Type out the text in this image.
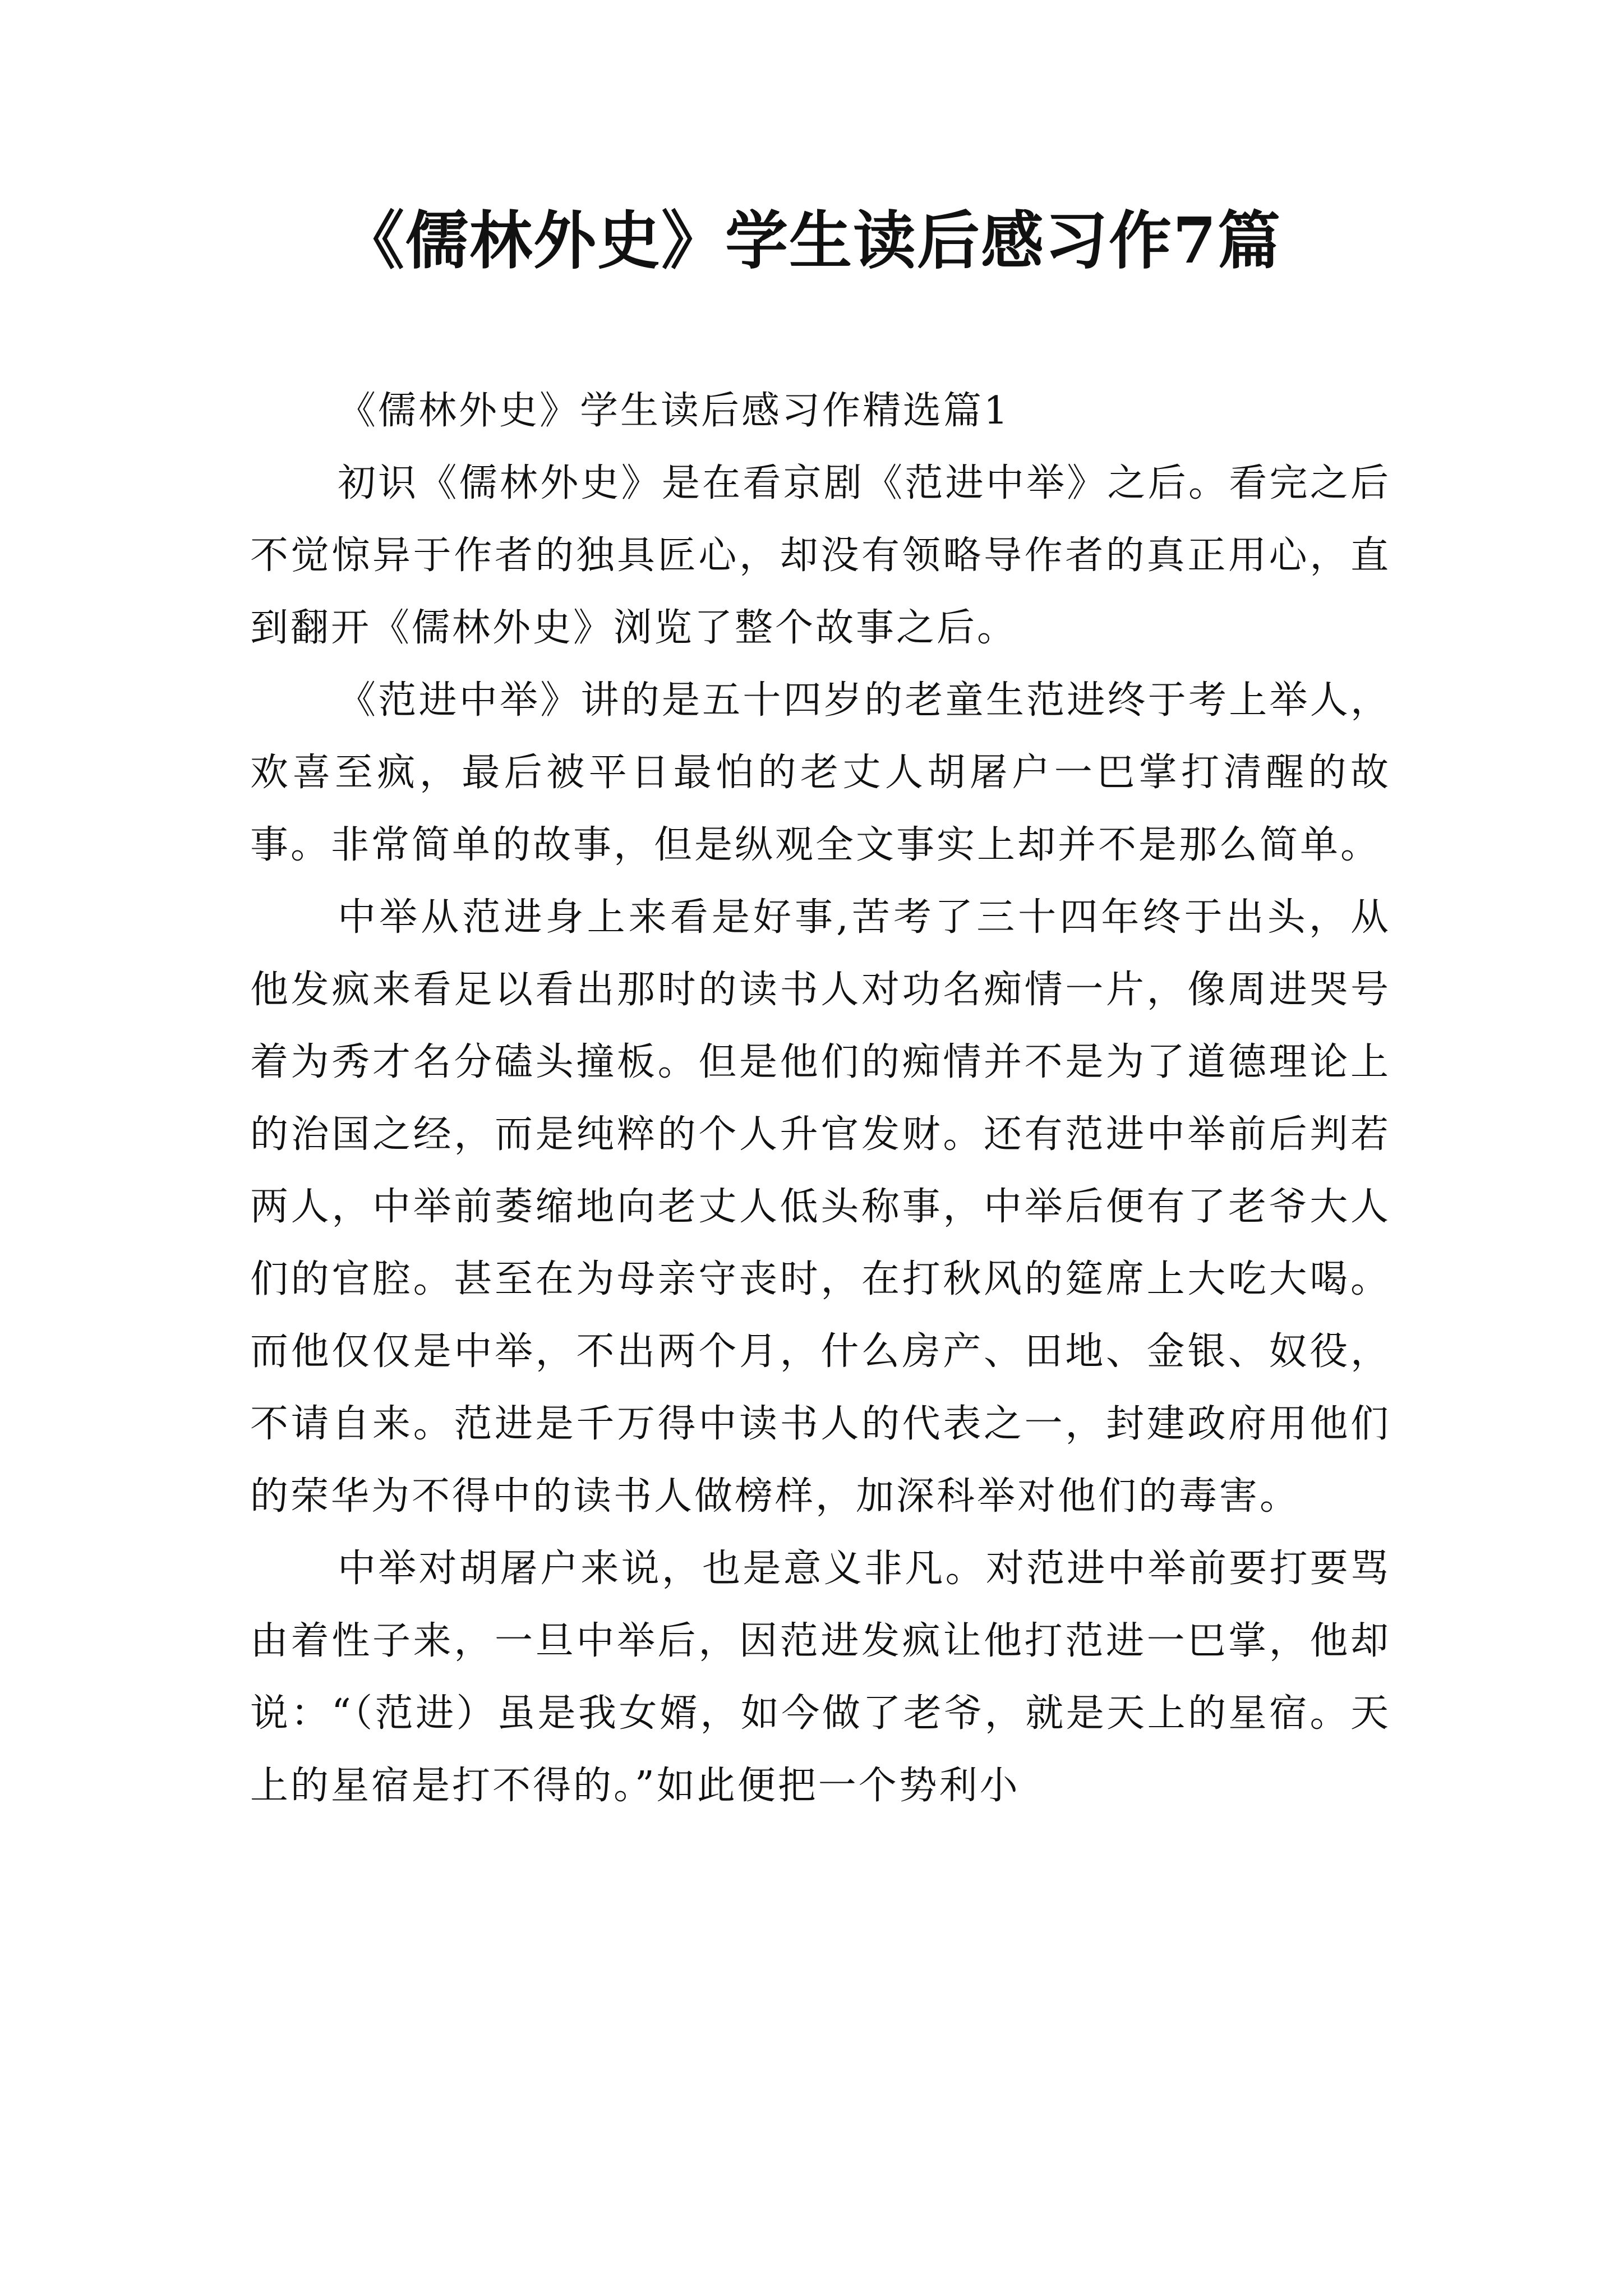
《儒林外史》学生读后感习作7篇

《儒林外史》学生读后感习作精选篇1

初识《儒林外史》是在看京剧《范进中举》之后。看完之后不觉惊异于作者的独具匠心，却没有领略导作者的真正用心，直到翻开《儒林外史》浏览了整个故事之后。

《范进中举》讲的是五十四岁的老童生范进终于考上举人，欢喜至疯，最后被平日最怕的老丈人胡屠户一巴掌打清醒的故事。非常简单的故事，但是纵观全文事实上却并不是那么简单。

中举从范进身上来看是好事,苦考了三十四年终于出头，从他发疯来看足以看出那时的读书人对功名痴情一片，像周进哭号着为秀才名分磕头撞板。但是他们的痴情并不是为了道德理论上的治国之经，而是纯粹的个人升官发财。还有范进中举前后判若两人，中举前萎缩地向老丈人低头称事，中举后便有了老爷大人们的官腔。甚至在为母亲守丧时，在打秋风的筵席上大吃大喝。而他仅仅是中举，不出两个月，什么房产、田地、金银、奴役，不请自来。范进是千万得中读书人的代表之一，封建政府用他们的荣华为不得中的读书人做榜样，加深科举对他们的毒害。

中举对胡屠户来说，也是意义非凡。对范进中举前要打要骂由着性子来，一旦中举后，因范进发疯让他打范进一巴掌，他却说：“（范进）虽是我女婿，如今做了老爷，就是天上的星宿。天上的星宿是打不得的。”如此便把一个势利小
